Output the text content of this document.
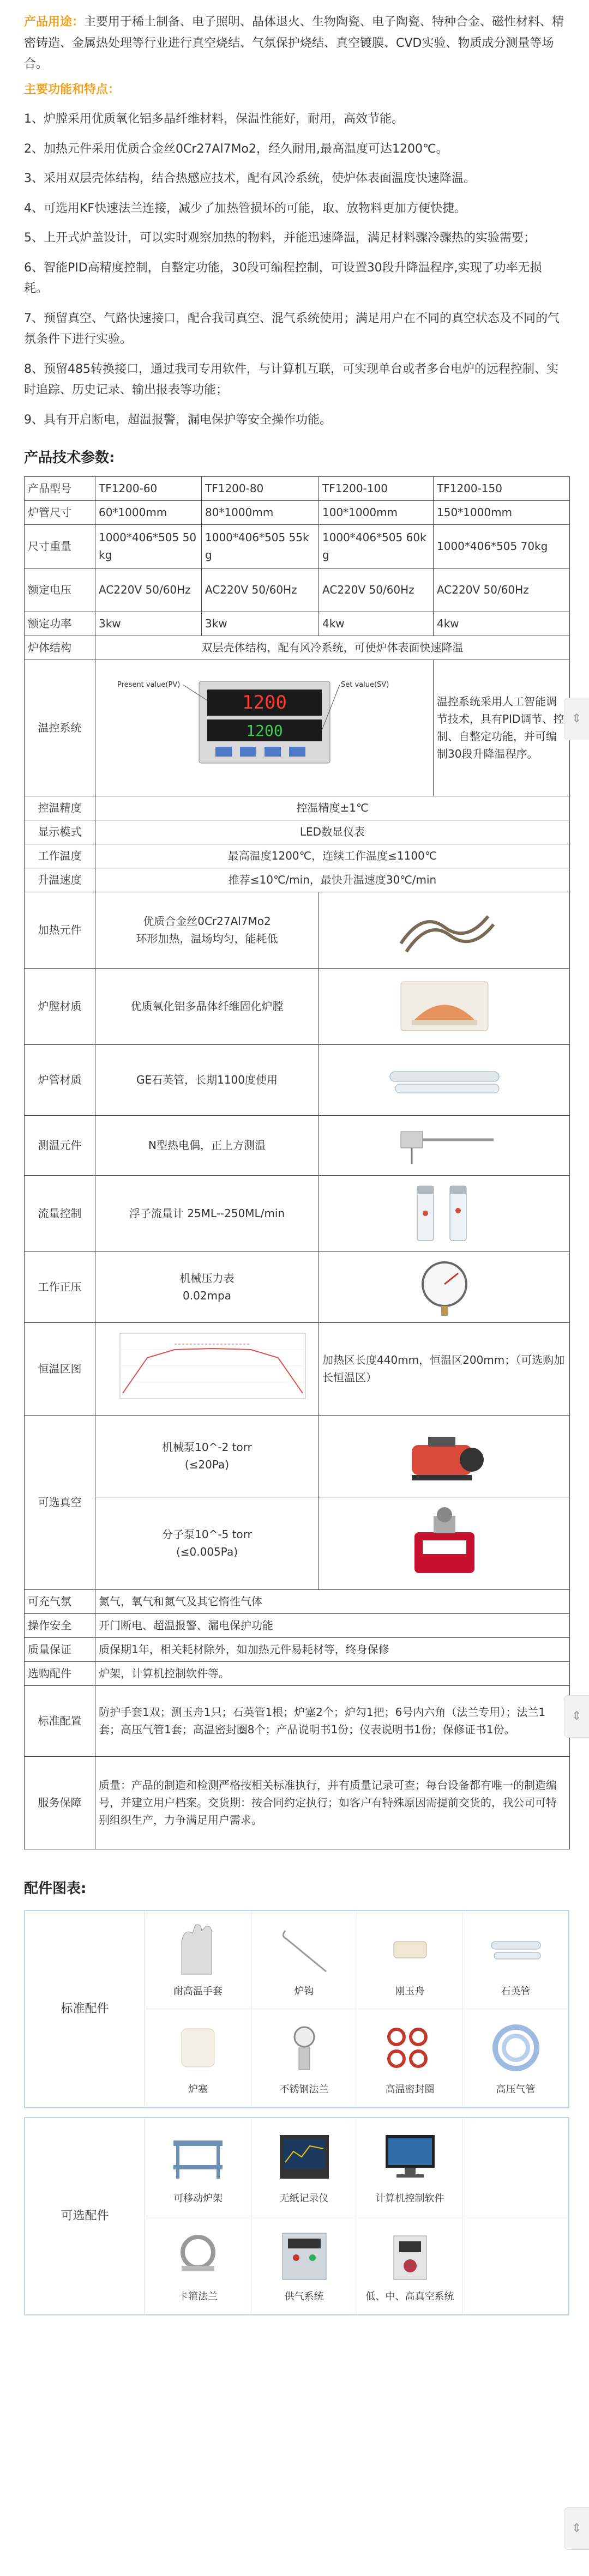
产品用途：主要用于稀土制备、电子照明、晶体退火、生物陶瓷、电子陶瓷、特种合金、磁性材料、精密铸造、金属热处理等行业进行真空烧结、气氛保护烧结、真空镀膜、CVD实验、物质成分测量等场合。

主要功能和特点：

1、炉膛采用优质氧化铝多晶纤维材料，保温性能好，耐用，高效节能。

2、加热元件采用优质合金丝0Cr27Al7Mo2，经久耐用,最高温度可达1200℃。

3、采用双层壳体结构，结合热感应技术，配有风冷系统，使炉体表面温度快速降温。

4、可选用KF快速法兰连接，减少了加热管损坏的可能，取、放物料更加方便快捷。

5、上开式炉盖设计，可以实时观察加热的物料，并能迅速降温，满足材料骤冷骤热的实验需要；

6、智能PID高精度控制，自整定功能，30段可编程控制，可设置30段升降温程序,实现了功率无损耗。

7、预留真空、气路快速接口，配合我司真空、混气系统使用；满足用户在不同的真空状态及不同的气氛条件下进行实验。

8、预留485转换接口，通过我司专用软件，与计算机互联，可实现单台或者多台电炉的远程控制、实时追踪、历史记录、输出报表等功能；

9、具有开启断电，超温报警，漏电保护等安全操作功能。

产品技术参数:

产品型号	TF1200-60	TF1200-80	TF1200-100	TF1200-150
炉管尺寸	60*1000mm	80*1000mm	100*1000mm	150*1000mm
尺寸重量	1000*406*505 50kg	1000*406*505 55kg	1000*406*505 60kg	1000*406*505 70kg
额定电压	AC220V 50/60Hz	AC220V 50/60Hz	AC220V 50/60Hz	AC220V 50/60Hz
额定功率	3kw	3kw	4kw	4kw
炉体结构	双层壳体结构，配有风冷系统，可使炉体表面快速降温			
温控系统	1200
1200
Present value(PV) Set value(SV)			温控系统采用人工智能调节技术，具有PID调节、控制、自整定功能，并可编制30段升降温程序。
控温精度	控温精度±1℃			
显示模式	LED数显仪表			
工作温度	最高温度1200℃，连续工作温度≤1100℃			
升温速度	推荐≤10℃/min，最快升温速度30℃/min			
加热元件	优质合金丝0Cr27Al7Mo2
环形加热，温场均匀，能耗低

炉膛材质	优质氧化铝多晶体纤维固化炉膛	

炉管材质	GE石英管，长期1100度使用	

测温元件	N型热电偶，正上方测温	

流量控制	浮子流量计 25ML--250ML/min	

工作正压	机械压力表
0.02mpa

恒温区图			加热区长度440mm，恒温区200mm；（可选购加长恒温区）	
可选真空	机械泵10^-2 torr
(≤20Pa)

	分子泵10^-5 torr
(≤0.005Pa)

可充气氛	氮气，氧气和氮气及其它惰性气体			
操作安全	开门断电、超温报警、漏电保护功能			
质量保证	质保期1年，相关耗材除外，如加热元件易耗材等，终身保修			
选购配件	炉架，计算机控制软件等。			
标准配置	防护手套1双；测玉舟1只；石英管1根；炉塞2个；炉勾1把；6号内六角（法兰专用）；法兰1套；高压气管1套；高温密封圈8个；产品说明书1份；仪表说明书1份；保修证书1份。			
服务保障	质量：产品的制造和检测严格按相关标准执行，并有质量记录可查；每台设备都有唯一的制造编号，并建立用户档案。交货期：按合同约定执行；如客户有特殊原因需提前交货的，我公司可特别组织生产，力争满足用户需求。			

配件图表:

标准配件
耐高温手套	炉钩	刚玉舟	石英管
炉塞	不锈钢法兰	高温密封圈	高压气管
可选配件
可移动炉架	无纸记录仪	计算机控制软件
卡箍法兰	供气系统	低、中、高真空系统
⇕
⇕
⇕
